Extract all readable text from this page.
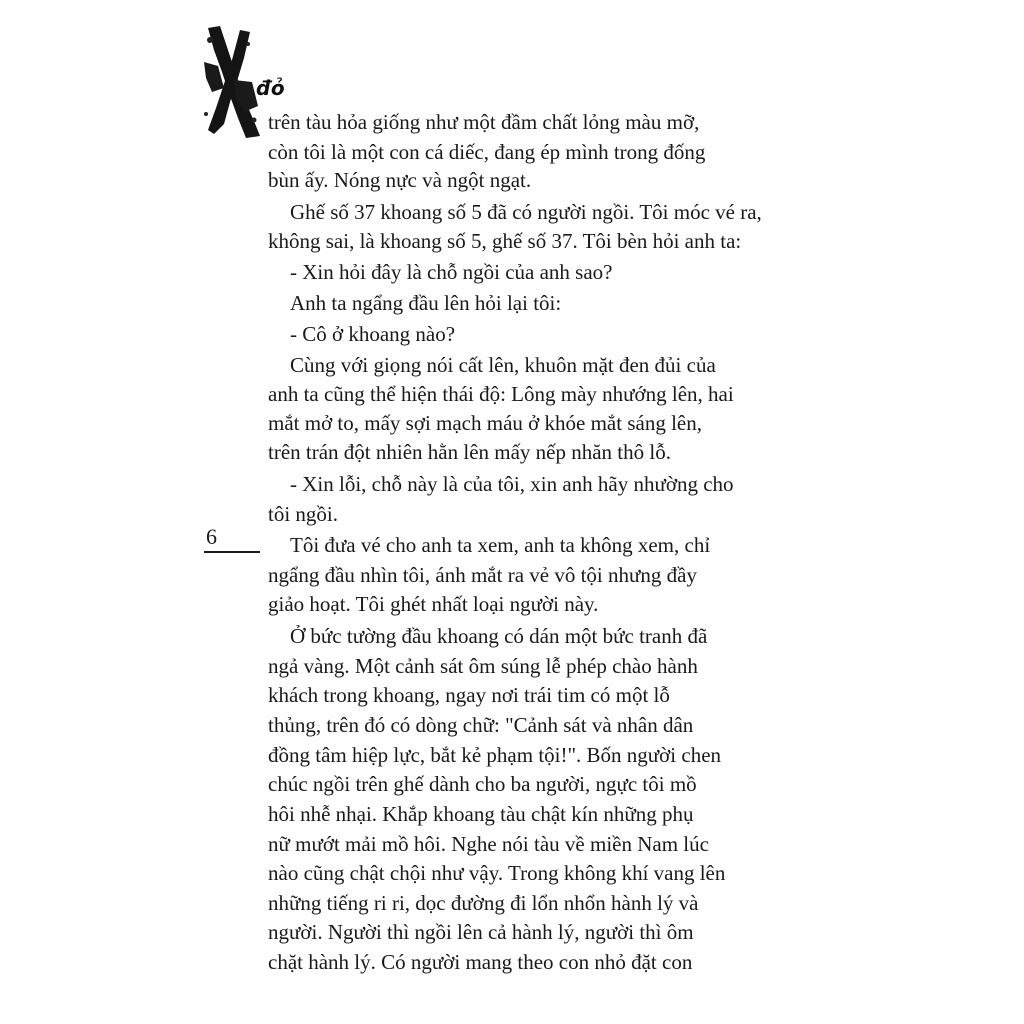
đỏ
trên tàu hỏa giống như một đầm chất lỏng màu mỡ,
còn tôi là một con cá diếc, đang ép mình trong đống
bùn ấy. Nóng nực và ngột ngạt.
Ghế số 37 khoang số 5 đã có người ngồi. Tôi móc vé ra,
không sai, là khoang số 5, ghế số 37. Tôi bèn hỏi anh ta:
- Xin hỏi đây là chỗ ngồi của anh sao?
Anh ta ngẩng đầu lên hỏi lại tôi:
- Cô ở khoang nào?
Cùng với giọng nói cất lên, khuôn mặt đen đủi của
anh ta cũng thể hiện thái độ: Lông mày nhướng lên, hai
mắt mở to, mấy sợi mạch máu ở khóe mắt sáng lên,
trên trán đột nhiên hằn lên mấy nếp nhăn thô lỗ.
- Xin lỗi, chỗ này là của tôi, xin anh hãy nhường cho
tôi ngồi.
Tôi đưa vé cho anh ta xem, anh ta không xem, chỉ
ngẩng đầu nhìn tôi, ánh mắt ra vẻ vô tội nhưng đầy
giảo hoạt. Tôi ghét nhất loại người này.
Ở bức tường đầu khoang có dán một bức tranh đã
ngả vàng. Một cảnh sát ôm súng lễ phép chào hành
khách trong khoang, ngay nơi trái tim có một lỗ
thủng, trên đó có dòng chữ: "Cảnh sát và nhân dân
đồng tâm hiệp lực, bắt kẻ phạm tội!". Bốn người chen
chúc ngồi trên ghế dành cho ba người, ngực tôi mồ
hôi nhễ nhại. Khắp khoang tàu chật kín những phụ
nữ mướt mải mồ hôi. Nghe nói tàu về miền Nam lúc
nào cũng chật chội như vậy. Trong không khí vang lên
những tiếng ri ri, dọc đường đi lổn nhổn hành lý và
người. Người thì ngồi lên cả hành lý, người thì ôm
chặt hành lý. Có người mang theo con nhỏ đặt con
6
